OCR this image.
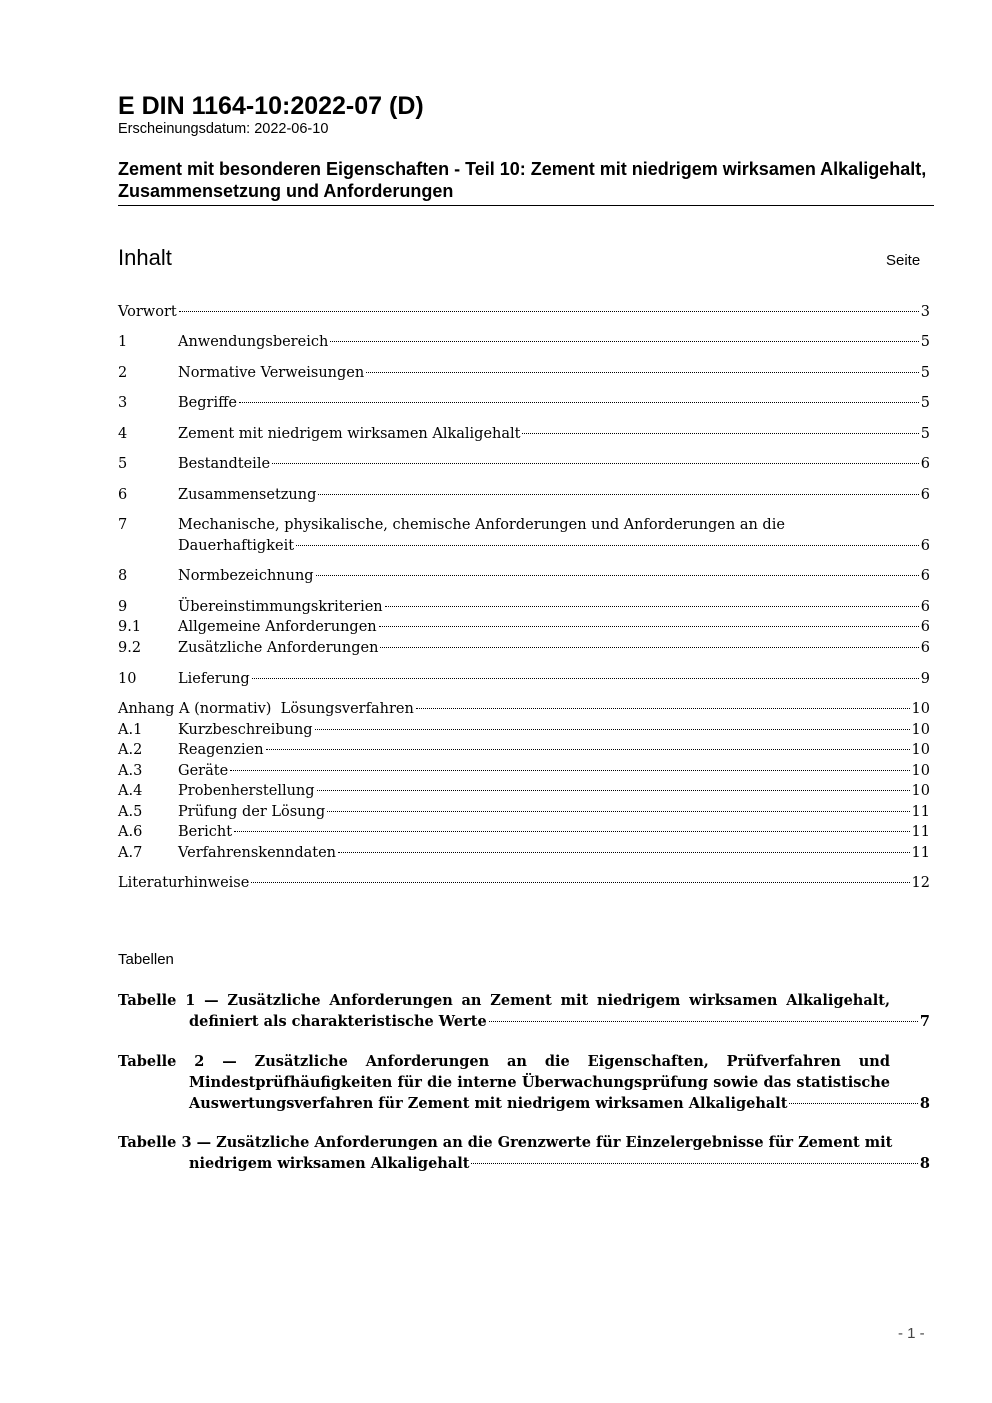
E DIN 1164-10:2022-07 (D)
Erscheinungsdatum: 2022-06-10
Zement mit besonderen Eigenschaften - Teil 10: Zement mit niedrigem wirksamen Alkaligehalt, Zusammensetzung und Anforderungen
Inhalt	Seite
Vorwort	3
1	Anwendungsbereich	5
2	Normative Verweisungen	5
3	Begriffe	5
4	Zement mit niedrigem wirksamen Alkaligehalt	5
5	Bestandteile	6
6	Zusammensetzung	6
7	Mechanische, physikalische, chemische Anforderungen und Anforderungen an die
Dauerhaftigkeit	6
8	Normbezeichnung	6
9	Übereinstimmungskriterien	6
9.1	Allgemeine Anforderungen	6
9.2	Zusätzliche Anforderungen	6
10	Lieferung	9
Anhang A (normativ)  Lösungsverfahren	10
A.1	Kurzbeschreibung	10
A.2	Reagenzien	10
A.3	Geräte	10
A.4	Probenherstellung	10
A.5	Prüfung der Lösung	11
A.6	Bericht	11
A.7	Verfahrenskenndaten	11
Literaturhinweise	12
Tabellen
Tabelle 1 — Zusätzliche Anforderungen an Zement mit niedrigem wirksamen Alkaligehalt,
definiert als charakteristische Werte	7
Tabelle 2 — Zusätzliche Anforderungen an die Eigenschaften, Prüfverfahren und
Mindestprüfhäufigkeiten für die interne Überwachungsprüfung sowie das statistische
Auswertungsverfahren für Zement mit niedrigem wirksamen Alkaligehalt	8
Tabelle 3 — Zusätzliche Anforderungen an die Grenzwerte für Einzelergebnisse für Zement mit
niedrigem wirksamen Alkaligehalt	8
- 1 -
